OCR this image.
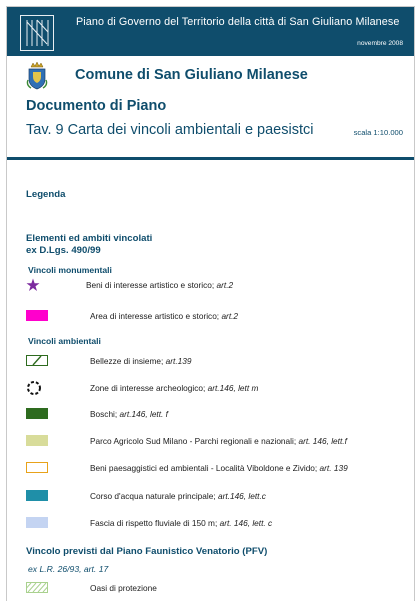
Piano di Governo del Territorio della città di San Giuliano Milanese
novembre 2008
Comune di San Giuliano Milanese
Documento di Piano
Tav. 9 Carta dei vincoli ambientali e paesistci	scala 1:10.000
Legenda
Elementi ed ambiti vincolati
ex D.Lgs. 490/99
Vincoli monumentali
Beni di interesse artistico e storico; art.2
Area di interesse artistico e storico; art.2
Vincoli ambientali
Bellezze di insieme; art.139
Zone di interesse archeologico; art.146, lett m
Boschi; art.146, lett. f
Parco Agricolo Sud Milano - Parchi regionali e nazionali; art. 146, lett.f
Beni paesaggistici ed ambientali - Località Viboldone e Zivido; art. 139
Corso d'acqua naturale principale; art.146, lett.c
Fascia di rispetto fluviale di 150 m; art. 146, lett. c
Vincolo previsti dal Piano Faunistico Venatorio (PFV)
ex L.R. 26/93, art. 17
Oasi di protezione
